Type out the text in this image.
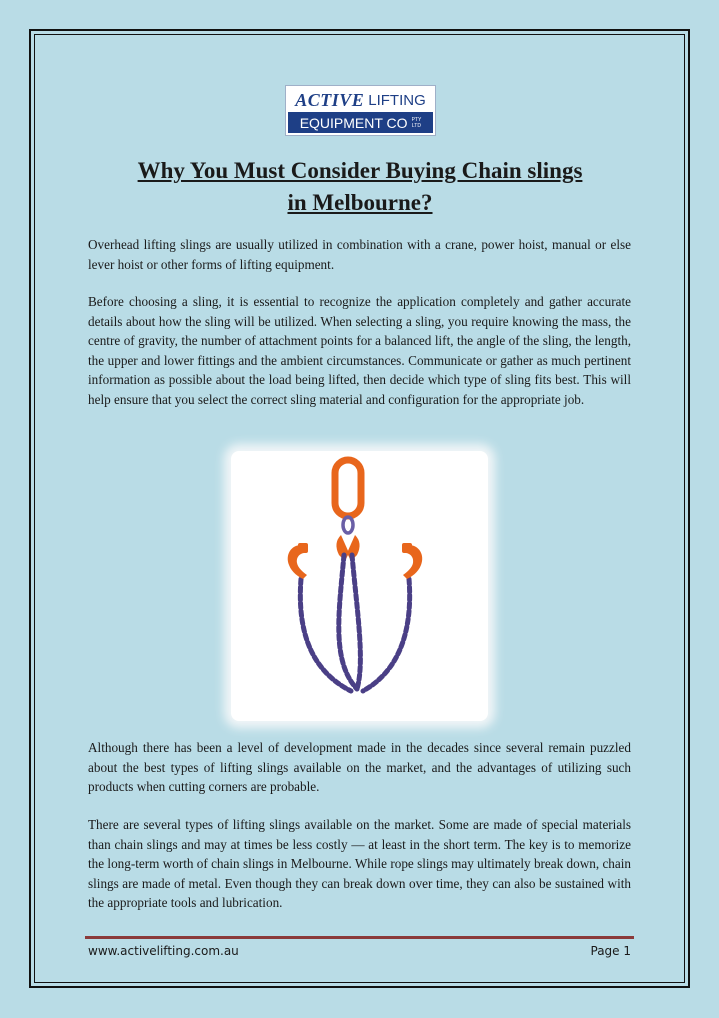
ACTIVE LIFTING
EQUIPMENT CO PTY
LTD
Why You Must Consider Buying Chain slings
in Melbourne?

Overhead lifting slings are usually utilized in combination with a crane, power hoist, manual or else lever hoist or other forms of lifting equipment.

Before choosing a sling, it is essential to recognize the application completely and gather accurate details about how the sling will be utilized. When selecting a sling, you require knowing the mass, the centre of gravity, the number of attachment points for a balanced lift, the angle of the sling, the length, the upper and lower fittings and the ambient circumstances. Communicate or gather as much pertinent information as possible about the load being lifted, then decide which type of sling fits best. This will help ensure that you select the correct sling material and configuration for the appropriate job.

Although there has been a level of development made in the decades since several remain puzzled about the best types of lifting slings available on the market, and the advantages of utilizing such products when cutting corners are probable.

There are several types of lifting slings available on the market. Some are made of special materials than chain slings and may at times be less costly — at least in the short term. The key is to memorize the long-term worth of chain slings in Melbourne. While rope slings may ultimately break down, chain slings are made of metal. Even though they can break down over time, they can also be sustained with the appropriate tools and lubrication.

www.activelifting.com.au	Page 1
